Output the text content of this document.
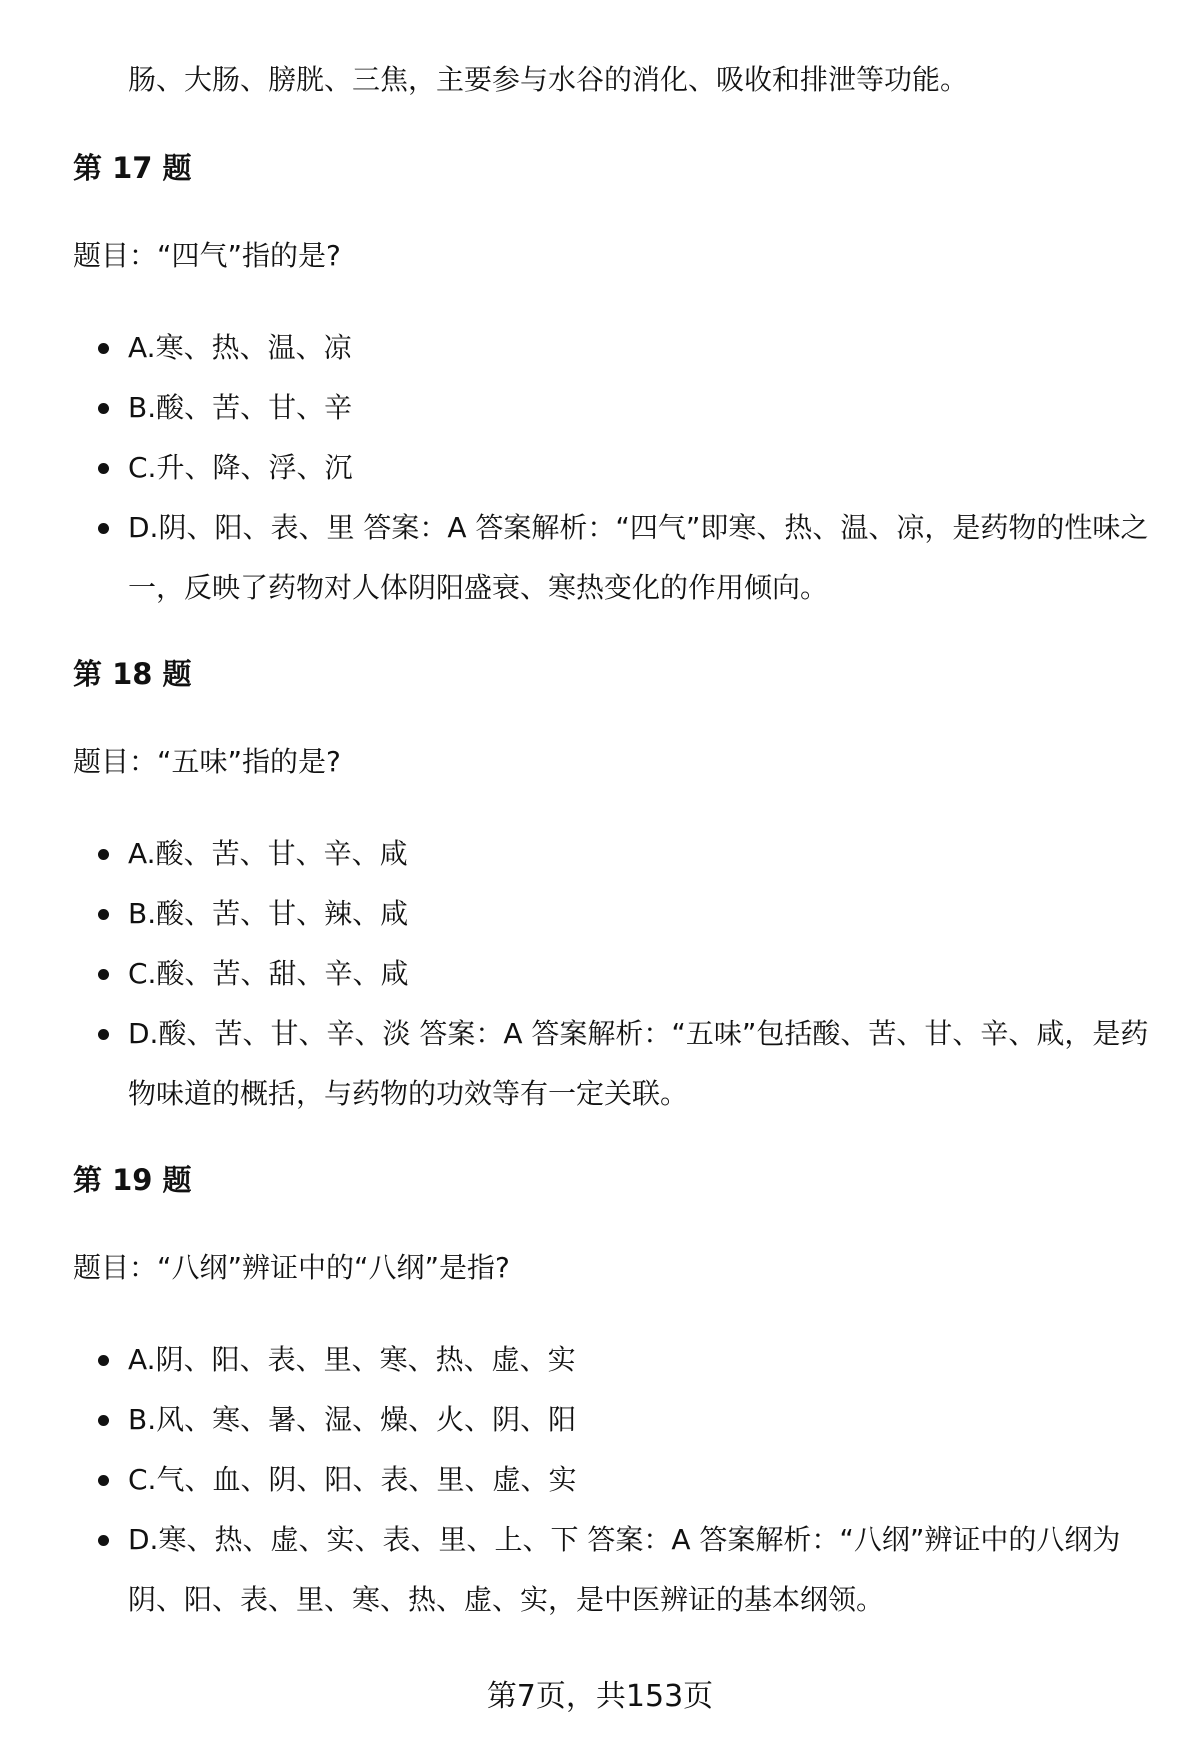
肠、大肠、膀胱、三焦，主要参与水谷的消化、吸收和排泄等功能。
第 17 题
题目：“四气”指的是?
A.寒、热、温、凉
B.酸、苦、甘、辛
C.升、降、浮、沉
D.阴、阳、表、里 答案：A 答案解析：“四气”即寒、热、温、凉，是药物的性味之一，反映了药物对人体阴阳盛衰、寒热变化的作用倾向。
第 18 题
题目：“五味”指的是?
A.酸、苦、甘、辛、咸
B.酸、苦、甘、辣、咸
C.酸、苦、甜、辛、咸
D.酸、苦、甘、辛、淡 答案：A 答案解析：“五味”包括酸、苦、甘、辛、咸，是药物味道的概括，与药物的功效等有一定关联。
第 19 题
题目：“八纲”辨证中的“八纲”是指?
A.阴、阳、表、里、寒、热、虚、实
B.风、寒、暑、湿、燥、火、阴、阳
C.气、血、阴、阳、表、里、虚、实
D.寒、热、虚、实、表、里、上、下 答案：A 答案解析：“八纲”辨证中的八纲为阴、阳、表、里、寒、热、虚、实，是中医辨证的基本纲领。
第7页，共153页
